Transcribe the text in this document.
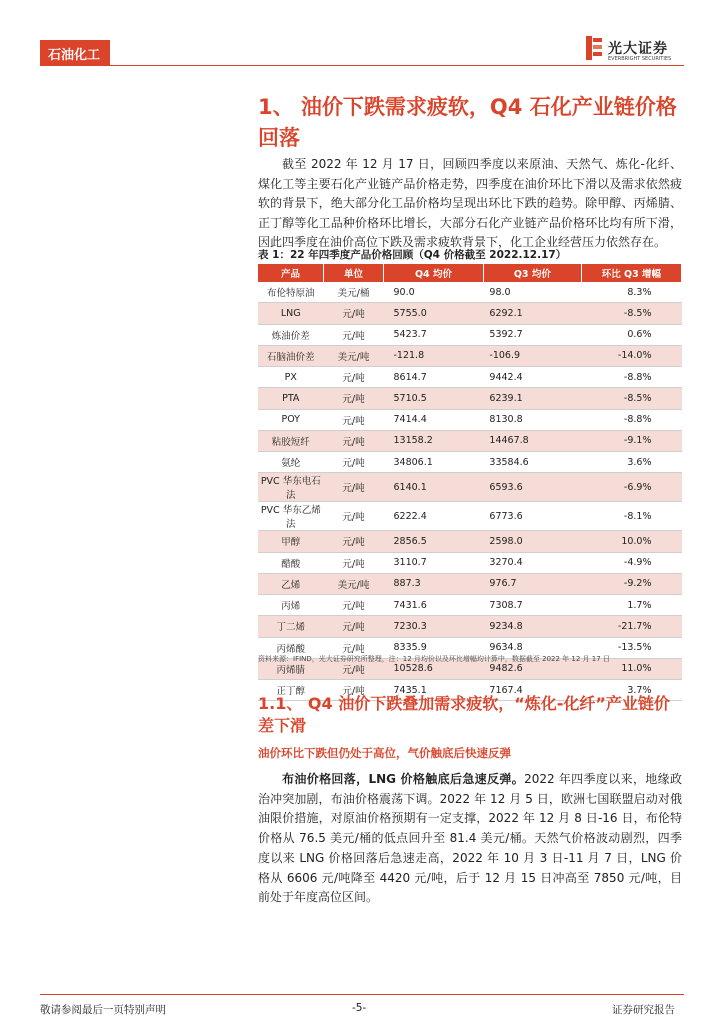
石油化工	光大证券
EVERBRIGHT SECURITIES
1、 油价下跌需求疲软，Q4 石化产业链价格回落

截至 2022 年 12 月 17 日，回顾四季度以来原油、天然气、炼化-化纤、煤化工等主要石化产业链产品价格走势，四季度在油价环比下滑以及需求依然疲软的背景下，绝大部分化工品价格均呈现出环比下跌的趋势。除甲醇、丙烯腈、正丁醇等化工品种价格环比增长，大部分石化产业链产品价格环比均有所下滑，因此四季度在油价高位下跌及需求疲软背景下，化工企业经营压力依然存在。

表 1：22 年四季度产品价格回顾（Q4 价格截至 2022.12.17）
产品	单位	Q4 均价	Q3 均价	环比 Q3 增幅
布伦特原油	美元/桶	90.0	98.0	8.3%
LNG	元/吨	5755.0	6292.1	-8.5%
炼油价差	元/吨	5423.7	5392.7	0.6%
石脑油价差	美元/吨	-121.8	-106.9	-14.0%
PX	元/吨	8614.7	9442.4	-8.8%
PTA	元/吨	5710.5	6239.1	-8.5%
POY	元/吨	7414.4	8130.8	-8.8%
粘胶短纤	元/吨	13158.2	14467.8	-9.1%
氨纶	元/吨	34806.1	33584.6	3.6%
PVC 华东电石法	元/吨	6140.1	6593.6	-6.9%
PVC 华东乙烯法	元/吨	6222.4	6773.6	-8.1%
甲醇	元/吨	2856.5	2598.0	10.0%
醋酸	元/吨	3110.7	3270.4	-4.9%
乙烯	美元/吨	887.3	976.7	-9.2%
丙烯	元/吨	7431.6	7308.7	1.7%
丁二烯	元/吨	7230.3	9234.8	-21.7%
丙烯酸	元/吨	8335.9	9634.8	-13.5%
丙烯腈	元/吨	10528.6	9482.6	11.0%
正丁醇	元/吨	7435.1	7167.4	3.7%
资料来源：IFIND，光大证券研究所整理，注：12 月均价以及环比增幅均计算中，数据截至 2022 年 12 月 17 日
1.1、 Q4 油价下跌叠加需求疲软，“炼化-化纤”产业链价差下滑
油价环比下跌但仍处于高位，气价触底后快速反弹

布油价格回落，LNG 价格触底后急速反弹。2022 年四季度以来，地缘政治冲突加剧，布油价格震荡下调。2022 年 12 月 5 日，欧洲七国联盟启动对俄油限价措施，对原油价格预期有一定支撑，2022 年 12 月 8 日-16 日，布伦特价格从 76.5 美元/桶的低点回升至 81.4 美元/桶。天然气价格波动剧烈，四季度以来 LNG 价格回落后急速走高，2022 年 10 月 3 日-11 月 7 日，LNG 价格从 6606 元/吨降至 4420 元/吨，后于 12 月 15 日冲高至 7850 元/吨，目前处于年度高位区间。

敬请参阅最后一页特别声明	-5-	证券研究报告
